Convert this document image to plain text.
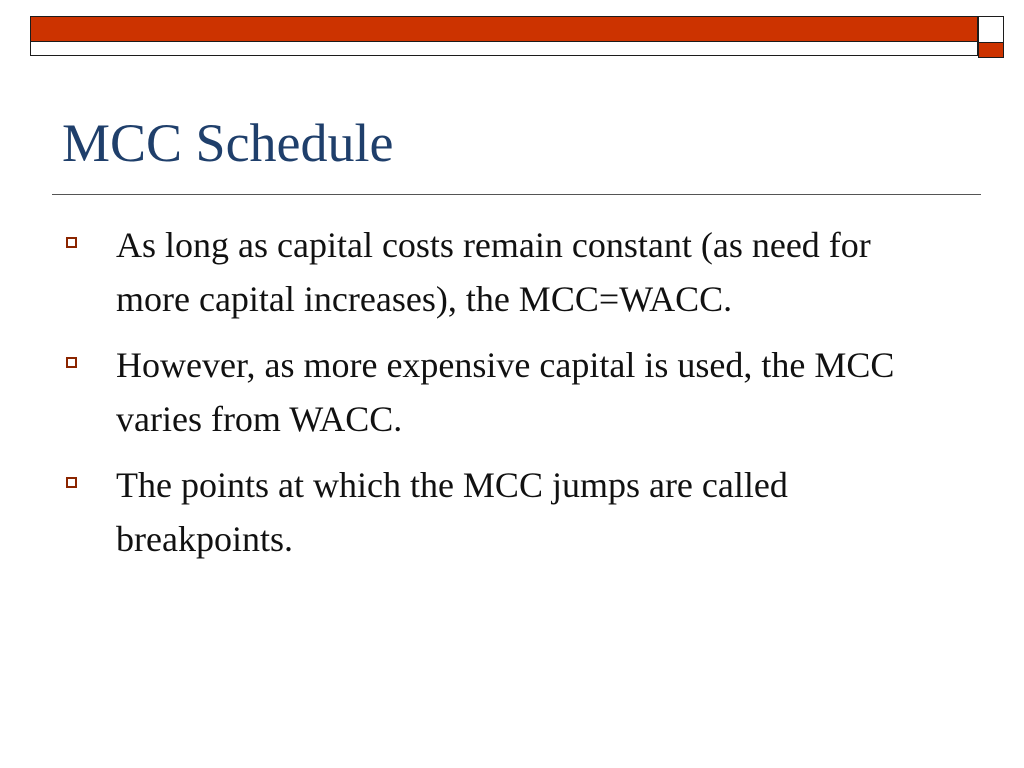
MCC Schedule
As long as capital costs remain constant (as need for more capital increases), the MCC=WACC.
However, as more expensive capital is used, the MCC varies from WACC.
The points at which the MCC jumps are called breakpoints.
